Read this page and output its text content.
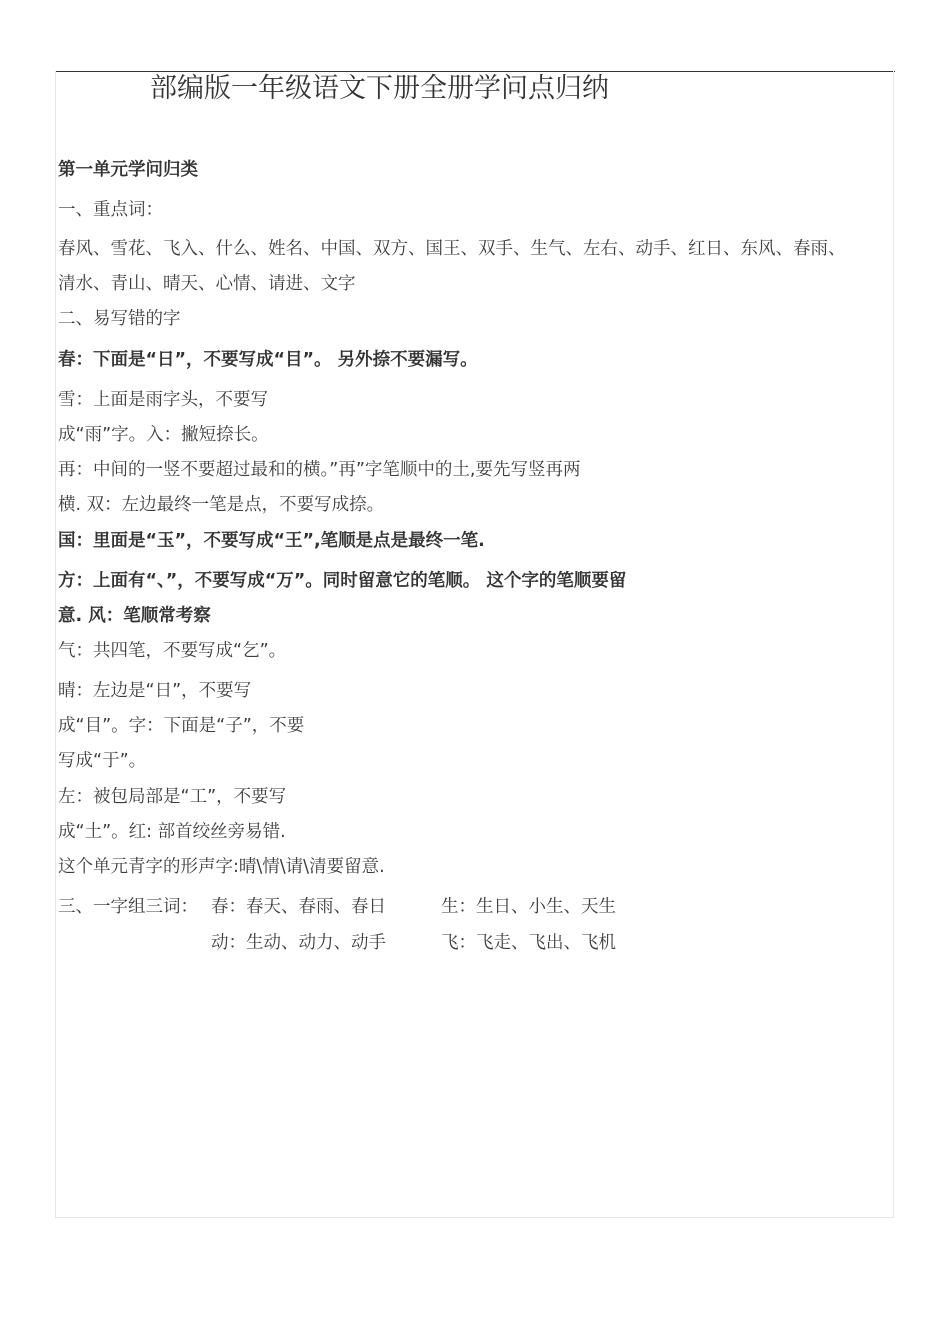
部编版一年级语文下册全册学问点归纳
第一单元学问归类
一、重点词：
春风、雪花、飞入、什么、姓名、中国、双方、国王、双手、生气、左右、动手、红日、东风、春雨、
清水、青山、晴天、心情、请进、文字
二、易写错的字
春：下面是“日”，不要写成“目”。 另外捺不要漏写。
雪：上面是雨字头，不要写
成“雨”字。入：撇短捺长。
再：中间的一竖不要超过最和的横。”再”字笔顺中的土,要先写竖再两
横. 双：左边最终一笔是点，不要写成捺。
国：里面是“玉”，不要写成“王”,笔顺是点是最终一笔.
方：上面有“、”，不要写成“万”。同时留意它的笔顺。 这个字的笔顺要留
意. 风：笔顺常考察
气：共四笔，不要写成“乞”。
晴：左边是“日”，不要写
成“目”。字：下面是“子”，不要
写成“于”。
左：被包局部是“工”，不要写
成“土”。红: 部首绞丝旁易错.
这个单元青字的形声字:晴\情\请\清要留意.
三、一字组三词： 春：春天、春雨、春日	生：生日、小生、天生
动：生动、动力、动手	飞：飞走、飞出、飞机
